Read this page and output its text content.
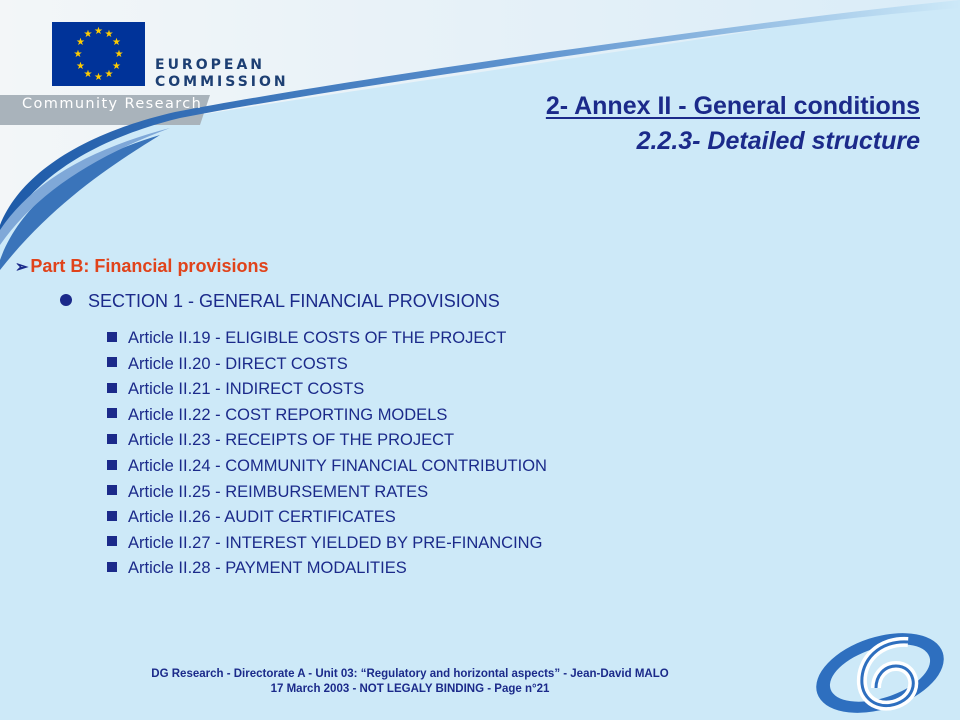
★ ★
★
★
★
★
★
★
★
★
★
★
EUROPEAN
COMMISSION
Community Research	2- Annex II - General conditions
2.2.3- Detailed structure
➢ Part B: Financial provisions
SECTION 1 - GENERAL FINANCIAL PROVISIONS
Article II.19 - ELIGIBLE COSTS OF THE PROJECT
Article II.20 - DIRECT COSTS
Article II.21 - INDIRECT COSTS
Article II.22 - COST REPORTING MODELS
Article II.23 - RECEIPTS OF THE PROJECT
Article II.24 - COMMUNITY FINANCIAL CONTRIBUTION
Article II.25 - REIMBURSEMENT RATES
Article II.26 - AUDIT CERTIFICATES
Article II.27 - INTEREST YIELDED BY PRE-FINANCING
Article II.28 - PAYMENT MODALITIES
DG Research - Directorate A - Unit 03: “Regulatory and horizontal aspects” - Jean-David MALO
17 March 2003 - NOT LEGALY BINDING - Page n°21
